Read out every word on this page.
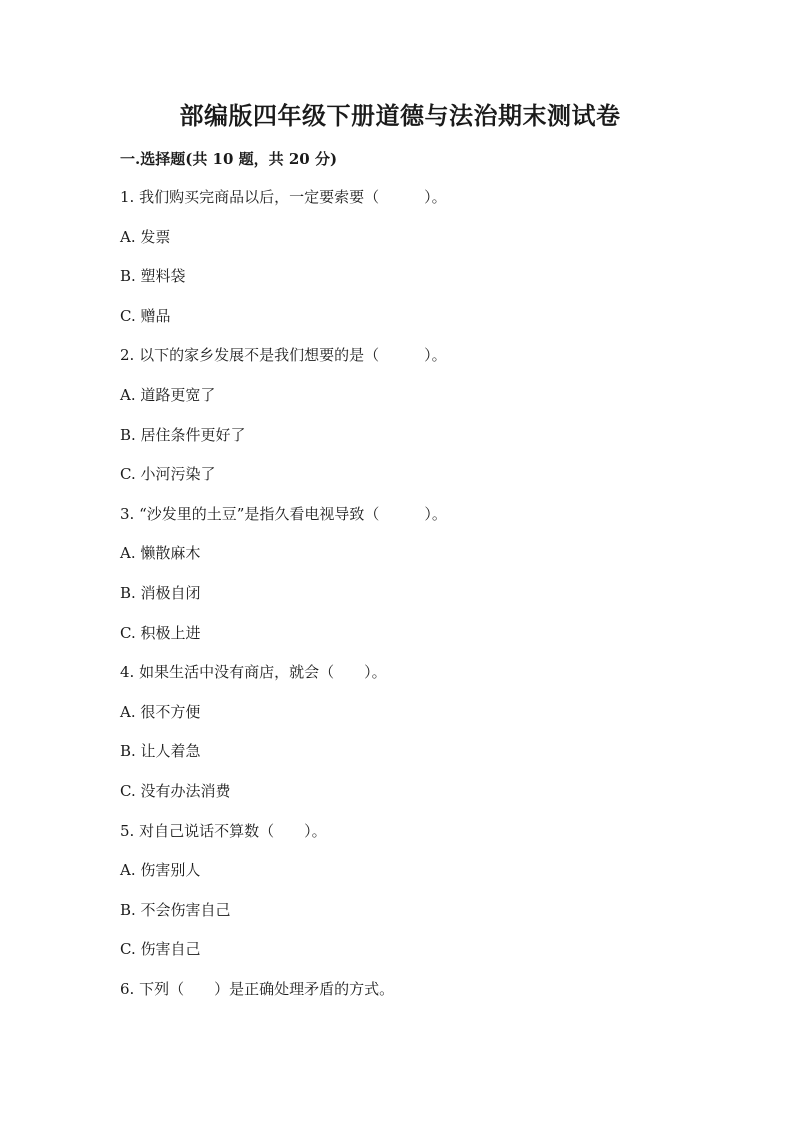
部编版四年级下册道德与法治期末测试卷
一.选择题(共 10 题，共 20 分)
1. 我们购买完商品以后，一定要索要（　　　）。
A. 发票
B. 塑料袋
C. 赠品
2. 以下的家乡发展不是我们想要的是（　　　）。
A. 道路更宽了
B. 居住条件更好了
C. 小河污染了
3. “沙发里的土豆”是指久看电视导致（　　　）。
A. 懒散麻木
B. 消极自闭
C. 积极上进
4. 如果生活中没有商店，就会（　　）。
A. 很不方便
B. 让人着急
C. 没有办法消费
5. 对自己说话不算数（　　）。
A. 伤害别人
B. 不会伤害自己
C. 伤害自己
6. 下列（　　）是正确处理矛盾的方式。
